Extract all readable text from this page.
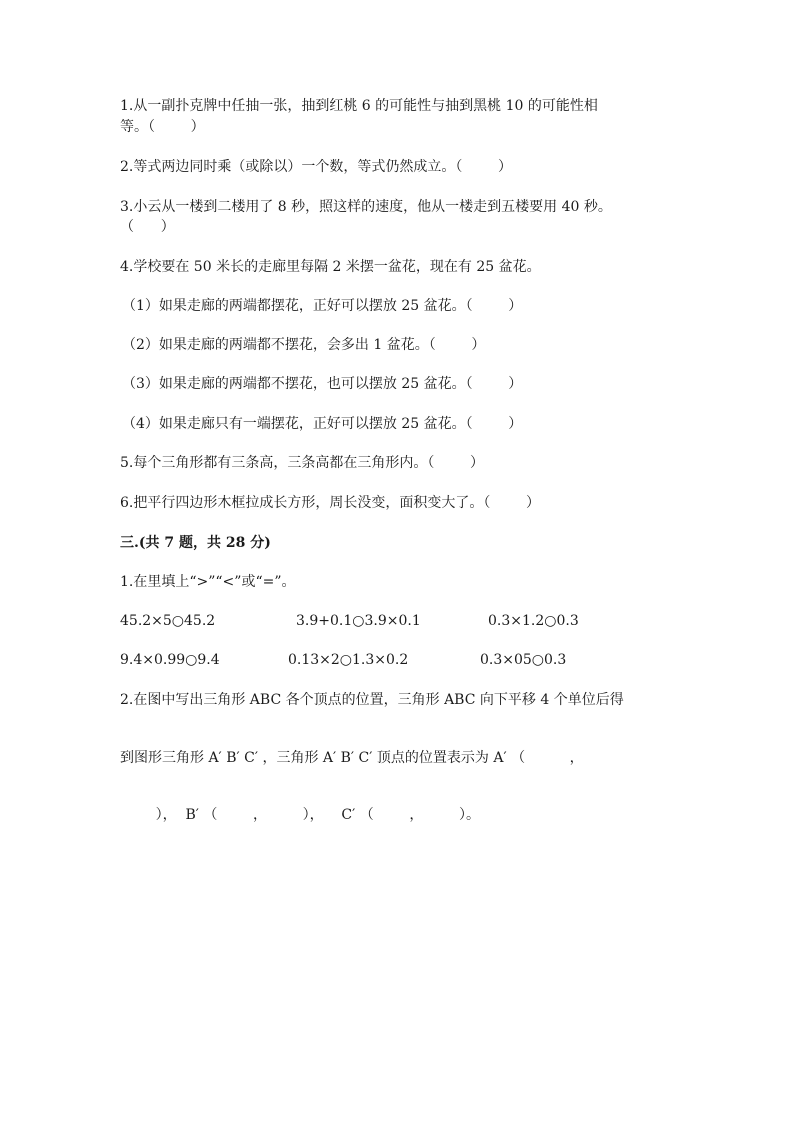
1.从一副扑克牌中任抽一张，抽到红桃 6 的可能性与抽到黑桃 10 的可能性相
等。（        ）
2.等式两边同时乘（或除以）一个数，等式仍然成立。（        ）
3.小云从一楼到二楼用了 8 秒，照这样的速度，他从一楼走到五楼要用 40 秒。
（      ）
4.学校要在 50 米长的走廊里每隔 2 米摆一盆花，现在有 25 盆花。
（1）如果走廊的两端都摆花，正好可以摆放 25 盆花。（        ）
（2）如果走廊的两端都不摆花，会多出 1 盆花。（        ）
（3）如果走廊的两端都不摆花，也可以摆放 25 盆花。（        ）
（4）如果走廊只有一端摆花，正好可以摆放 25 盆花。（        ）
5.每个三角形都有三条高，三条高都在三角形内。（        ）
6.把平行四边形木框拉成长方形，周长没变，面积变大了。（        ）
三.(共 7 题，共 28 分)
1.在里填上“>”“<”或“=”。
45.2×5○45.2	3.9+0.1○3.9×0.1	0.3×1.2○0.3
9.4×0.99○9.4	0.13×2○1.3×0.2	0.3×05○0.3
2.在图中写出三角形 ABC 各个顶点的位置，三角形 ABC 向下平移 4 个单位后得
到图形三角形 A′ B′ C′ ，三角形 A′ B′ C′ 顶点的位置表示为 A′ （          ，
），  B′ （        ，        ），    C′ （        ，        ）。
